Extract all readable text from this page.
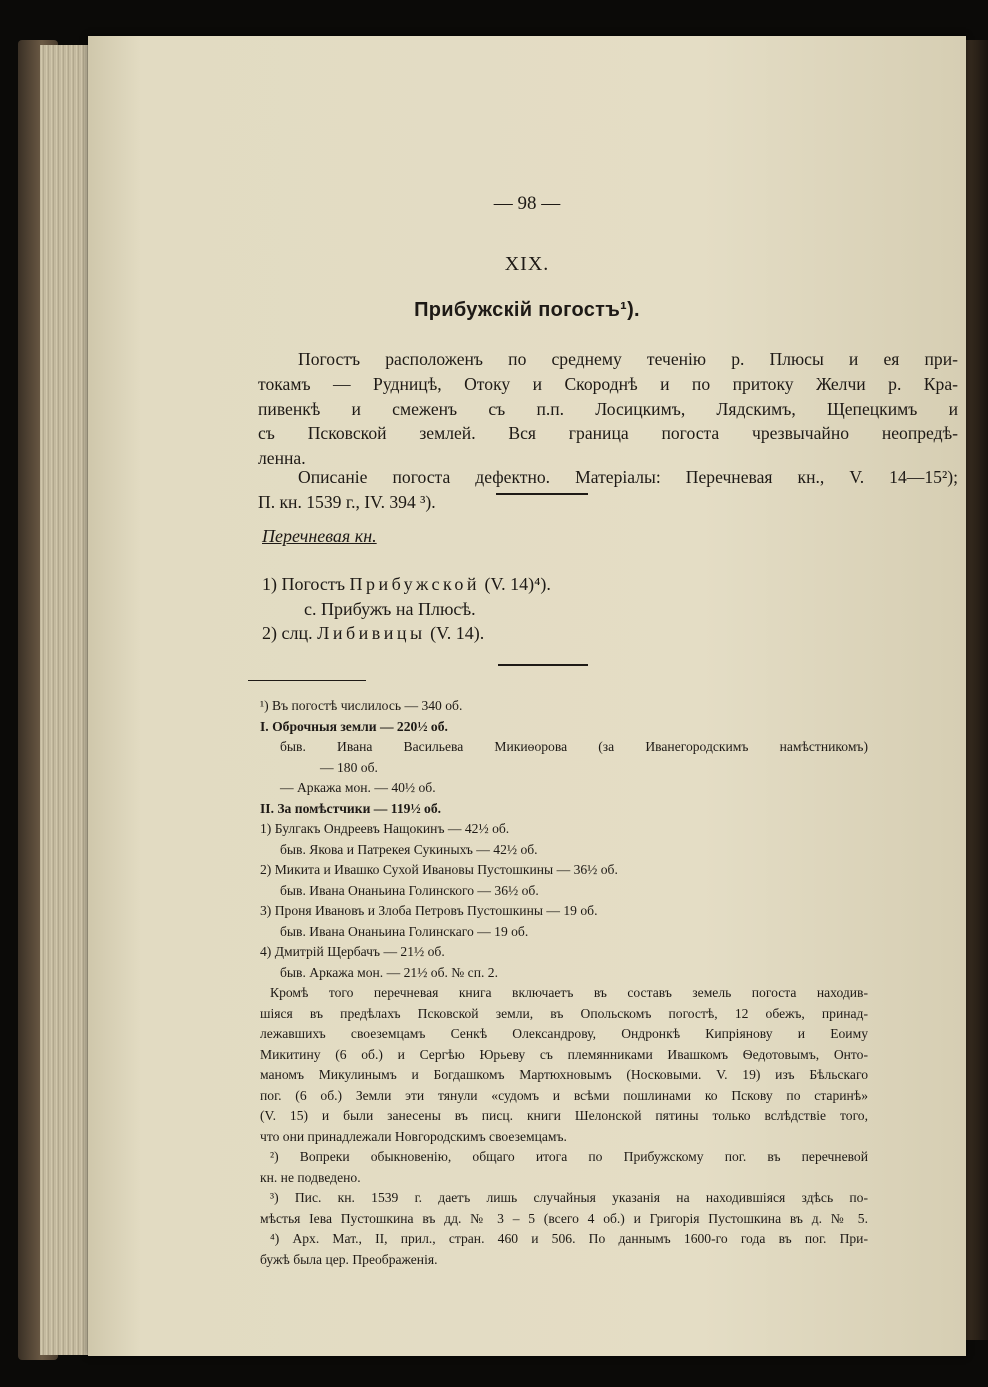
— 98 —
XIX.
Прибужскій погостъ¹).
Погостъ расположенъ по среднему теченію р. Плюсы и ея при-
токамъ — Рудницѣ, Отоку и Скороднѣ и по притоку Желчи р. Кра-
пивенкѣ и смеженъ съ п.п. Лосицкимъ, Лядскимъ, Щепецкимъ и
съ Псковской землей. Вся граница погоста чрезвычайно неопредѣ-
ленна.
Описаніе погоста дефектно. Матеріалы: Перечневая кн., V. 14—15²);
П. кн. 1539 г., IV. 394 ³).
Перечневая кн.
1) Погостъ Прибужской (V. 14)⁴).
с. Прибужъ на Плюсѣ.
2) слц. Либивицы (V. 14).
¹) Въ погостѣ числилось — 340 об.
I. Оброчныя земли — 220½ об.
быв. Ивана Васильева Микиѳорова (за Иванегородскимъ намѣстникомъ)
— 180 об.
— Аркажа мон. — 40½ об.
II. За помѣстчики — 119½ об.
1) Булгакъ Ондреевъ Нащокинъ — 42½ об.
быв. Якова и Патрекея Сукиныхъ — 42½ об.
2) Микита и Ивашко Сухой Ивановы Пустошкины — 36½ об.
быв. Ивана Онаньина Голинского — 36½ об.
3) Проня Ивановъ и Злоба Петровъ Пустошкины — 19 об.
быв. Ивана Онаньина Голинскаго — 19 об.
4) Дмитрій Щербачъ — 21½ об.
быв. Аркажа мон. — 21½ об. № сп. 2.
Кромѣ того перечневая книга включаетъ въ составъ земель погоста находив-
шіяся въ предѣлахъ Псковской земли, въ Опольскомъ погостѣ, 12 обежъ, принад-
лежавшихъ своеземцамъ Сенкѣ Олександрову, Ондронкѣ Кипріянову и Еоиму
Микитину (6 об.) и Сергѣю Юрьеву съ племянниками Ивашкомъ Ѳедотовымъ, Онто-
маномъ Микулинымъ и Богдашкомъ Мартюхновымъ (Носковыми. V. 19) изъ Бѣльскаго
пог. (6 об.) Земли эти тянули «судомъ и всѣми пошлинами ко Пскову по старинѣ»
(V. 15) и были занесены въ писц. книги Шелонской пятины только вслѣдствіе того,
что они принадлежали Новгородскимъ своеземцамъ.
²) Вопреки обыкновенію, общаго итога по Прибужскому пог. въ перечневой
кн. не подведено.
³) Пис. кн. 1539 г. даетъ лишь случайныя указанія на находившіяся здѣсь по-
мѣстья Іева Пустошкина въ дд. № 3 – 5 (всего 4 об.) и Григорія Пустошкина въ д. № 5.
⁴) Арх. Мат., II, прил., стран. 460 и 506. По даннымъ 1600-го года въ пог. При-
бужѣ была цер. Преображенія.
